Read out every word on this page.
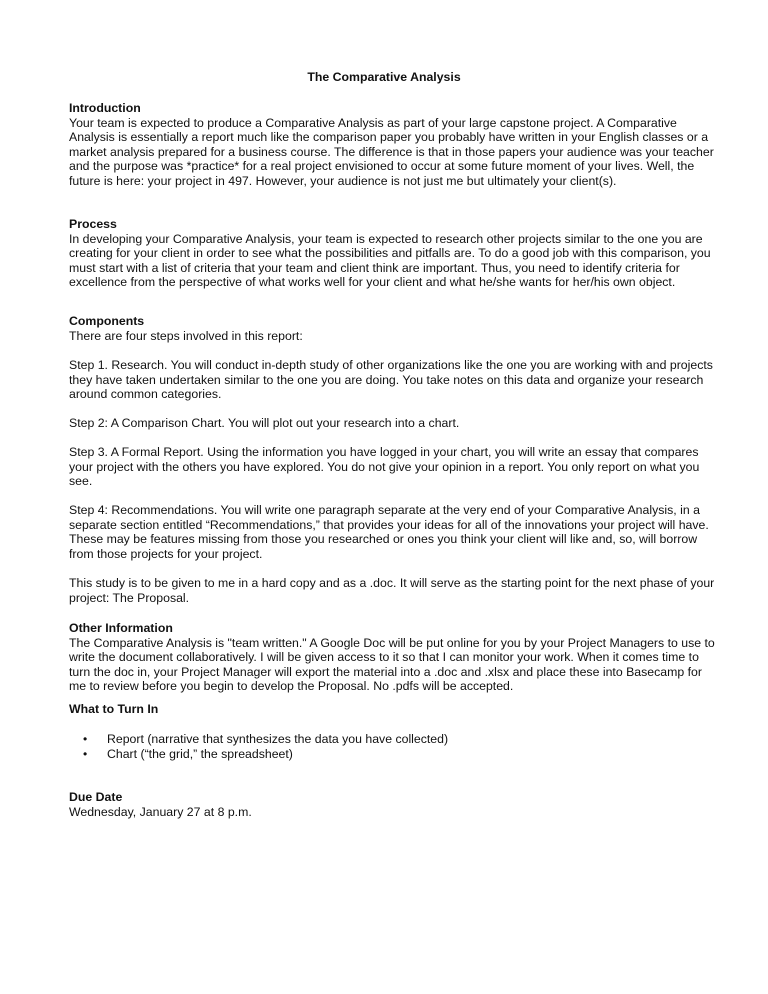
The Comparative Analysis
Introduction

Your team is expected to produce a Comparative Analysis as part of your large capstone project. A Comparative Analysis is essentially a report much like the comparison paper you probably have written in your English classes or a market analysis prepared for a business course. The difference is that in those papers your audience was your teacher and the purpose was *practice* for a real project envisioned to occur at some future moment of your lives. Well, the future is here: your project in 497. However, your audience is not just me but ultimately your client(s).

Process

In developing your Comparative Analysis, your team is expected to research other projects similar to the one you are creating for your client in order to see what the possibilities and pitfalls are. To do a good job with this comparison, you must start with a list of criteria that your team and client think are important. Thus, you need to identify criteria for excellence from the perspective of what works well for your client and what he/she wants for her/his own object.

Components

There are four steps involved in this report:

Step 1. Research. You will conduct in-depth study of other organizations like the one you are working with and projects they have taken undertaken similar to the one you are doing. You take notes on this data and organize your research around common categories.

Step 2: A Comparison Chart. You will plot out your research into a chart.

Step 3. A Formal Report. Using the information you have logged in your chart, you will write an essay that compares your project with the others you have explored. You do not give your opinion in a report. You only report on what you see.

Step 4: Recommendations. You will write one paragraph separate at the very end of your Comparative Analysis, in a separate section entitled “Recommendations,” that provides your ideas for all of the innovations your project will have. These may be features missing from those you researched or ones you think your client will like and, so, will borrow from those projects for your project.

This study is to be given to me in a hard copy and as a .doc. It will serve as the starting point for the next phase of your project: The Proposal.

Other Information

The Comparative Analysis is "team written." A Google Doc will be put online for you by your Project Managers to use to write the document collaboratively. I will be given access to it so that I can monitor your work. When it comes time to turn the doc in, your Project Manager will export the material into a .doc and .xlsx and place these into Basecamp for me to review before you begin to develop the Proposal. No .pdfs will be accepted.

What to Turn In
• Report (narrative that synthesizes the data you have collected)
• Chart (“the grid,” the spreadsheet)
Due Date

Wednesday, January 27 at 8 p.m.
